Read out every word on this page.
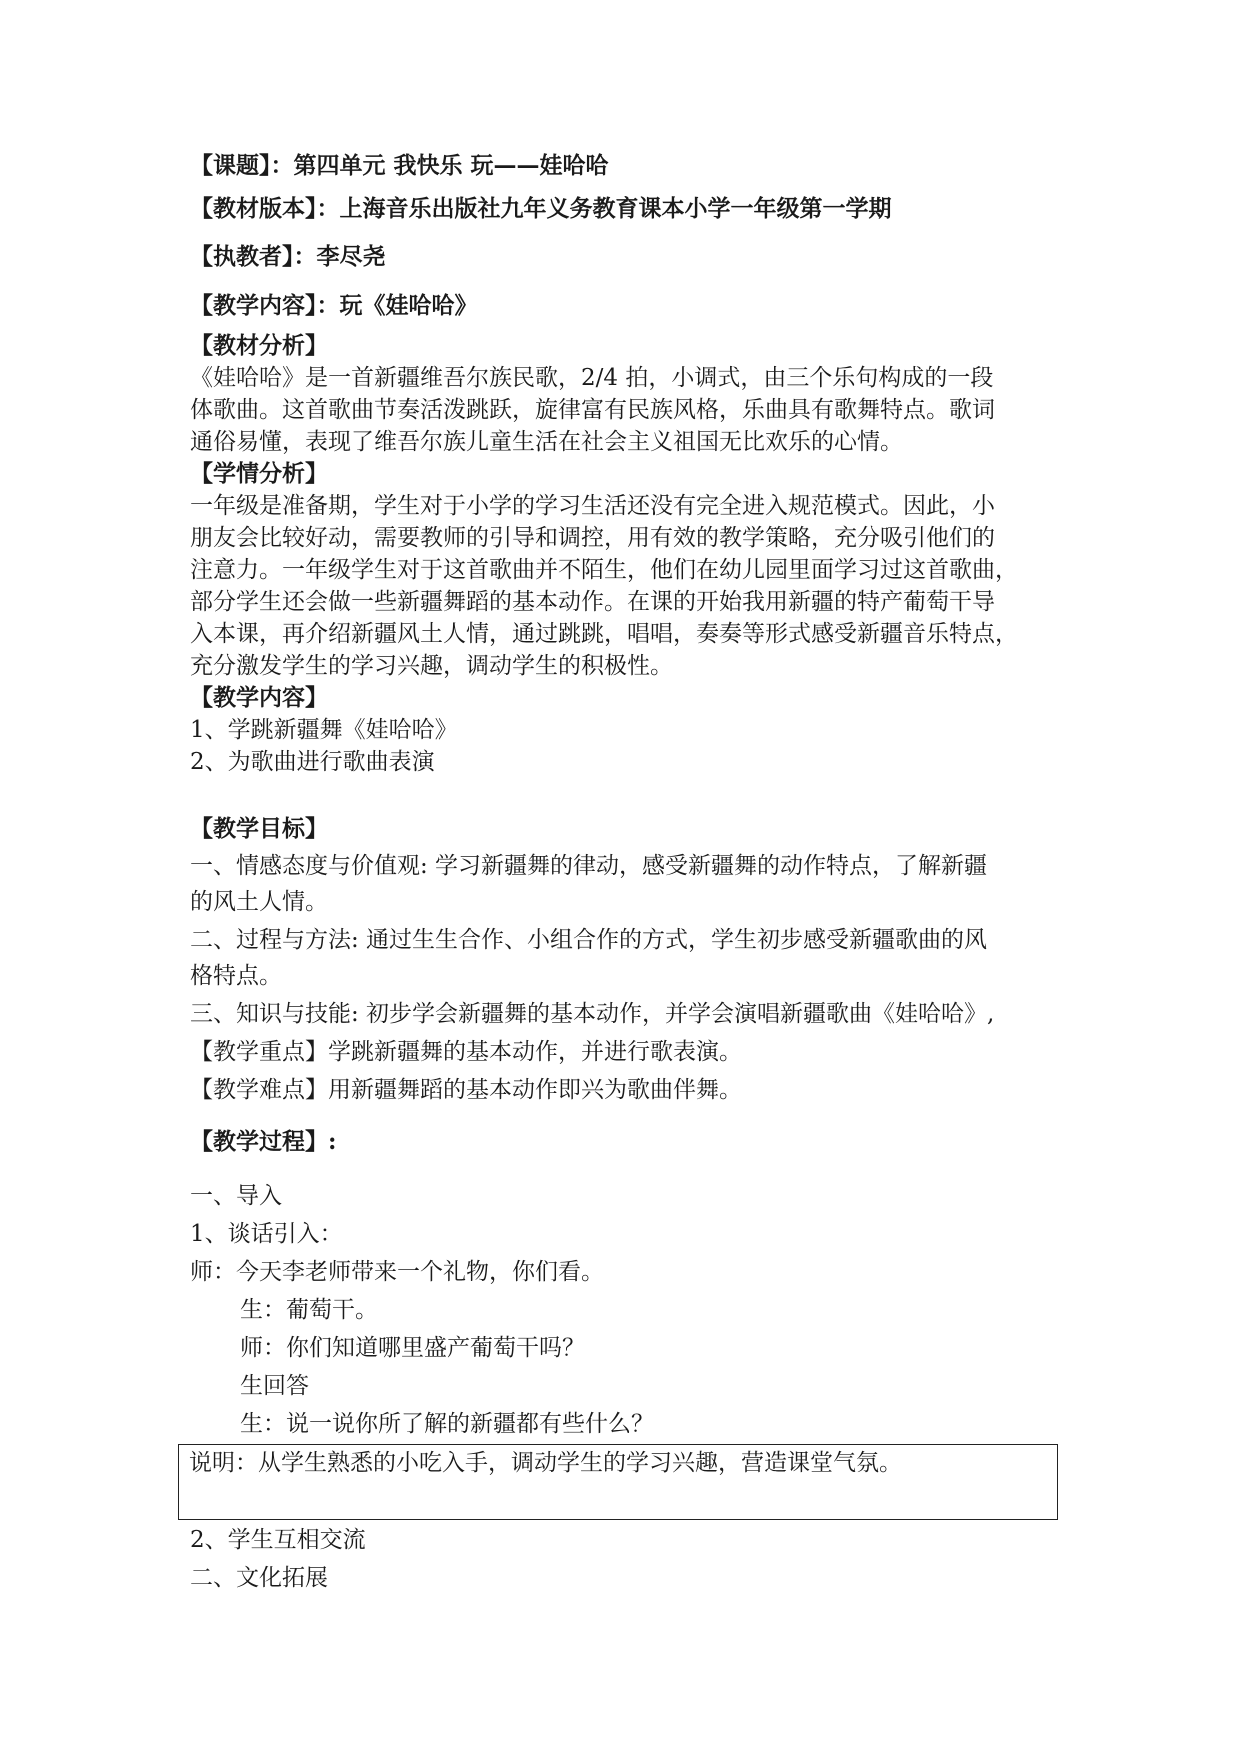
【课题】：第四单元 我快乐 玩——娃哈哈
【教材版本】：上海音乐出版社九年义务教育课本小学一年级第一学期
【执教者】：李尽尧
【教学内容】：玩《娃哈哈》
【教材分析】
《娃哈哈》是一首新疆维吾尔族民歌，2/4 拍，小调式，由三个乐句构成的一段
体歌曲。这首歌曲节奏活泼跳跃，旋律富有民族风格，乐曲具有歌舞特点。歌词
通俗易懂，表现了维吾尔族儿童生活在社会主义祖国无比欢乐的心情。
【学情分析】
一年级是准备期，学生对于小学的学习生活还没有完全进入规范模式。因此，小
朋友会比较好动，需要教师的引导和调控，用有效的教学策略，充分吸引他们的
注意力。一年级学生对于这首歌曲并不陌生，他们在幼儿园里面学习过这首歌曲，
部分学生还会做一些新疆舞蹈的基本动作。在课的开始我用新疆的特产葡萄干导
入本课，再介绍新疆风土人情，通过跳跳，唱唱，奏奏等形式感受新疆音乐特点，
充分激发学生的学习兴趣，调动学生的积极性。
【教学内容】
1、学跳新疆舞《娃哈哈》
2、为歌曲进行歌曲表演
【教学目标】
一、情感态度与价值观: 学习新疆舞的律动，感受新疆舞的动作特点，了解新疆
的风土人情。
二、过程与方法: 通过生生合作、小组合作的方式，学生初步感受新疆歌曲的风
格特点。
三、知识与技能: 初步学会新疆舞的基本动作，并学会演唱新疆歌曲《娃哈哈》,
【教学重点】学跳新疆舞的基本动作，并进行歌表演。
【教学难点】用新疆舞蹈的基本动作即兴为歌曲伴舞。
【教学过程】:
一、导入
1、谈话引入：
师：今天李老师带来一个礼物，你们看。
生：葡萄干。
师：你们知道哪里盛产葡萄干吗？
生回答
生：说一说你所了解的新疆都有些什么？
说明：从学生熟悉的小吃入手，调动学生的学习兴趣，营造课堂气氛。
2、学生互相交流
二、文化拓展
